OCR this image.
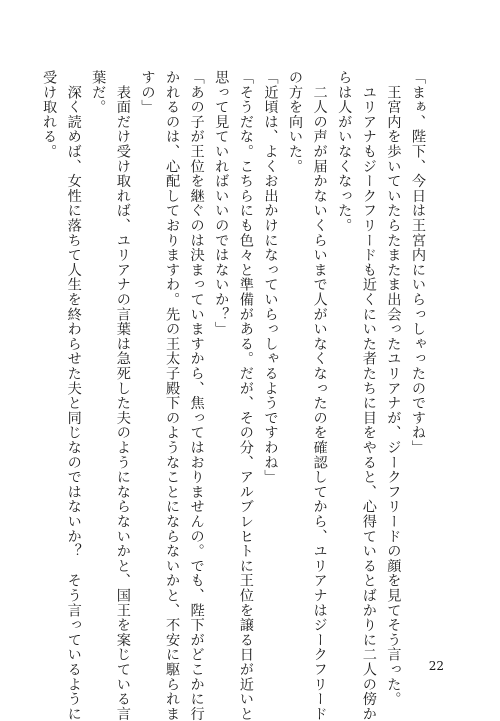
「まぁ、陛下、今日は王宮内にいらっしゃったのですね」
　王宮内を歩いていたらたまたま出会ったユリアナが、ジークフリードの顔を見てそう言った。
　ユリアナもジークフリードも近くにいた者たちに目をやると、心得ているとばかりに二人の傍か
らは人がいなくなった。
　二人の声が届かないくらいまで人がいなくなったのを確認してから、ユリアナはジークフリード
の方を向いた。
「近頃は、よくお出かけになっていらっしゃるようですわね」
「そうだな。こちらにも色々と準備がある。だが、その分、アルブレヒトに王位を譲る日が近いと
思って見ていればいいのではないか？」
「あの子が王位を継ぐのは決まっていますから、焦ってはおりませんの。でも、陛下がどこかに行
かれるのは、心配しておりますわ。先の王太子殿下のようなことにならないかと、不安に駆られま
すの」
　表面だけ受け取れば、ユリアナの言葉は急死した夫のようにならないかと、国王を案じている言
葉だ。
　深く読めば、女性に落ちて人生を終わらせた夫と同じなのではないか？　そう言っているように
受け取れる。
22
